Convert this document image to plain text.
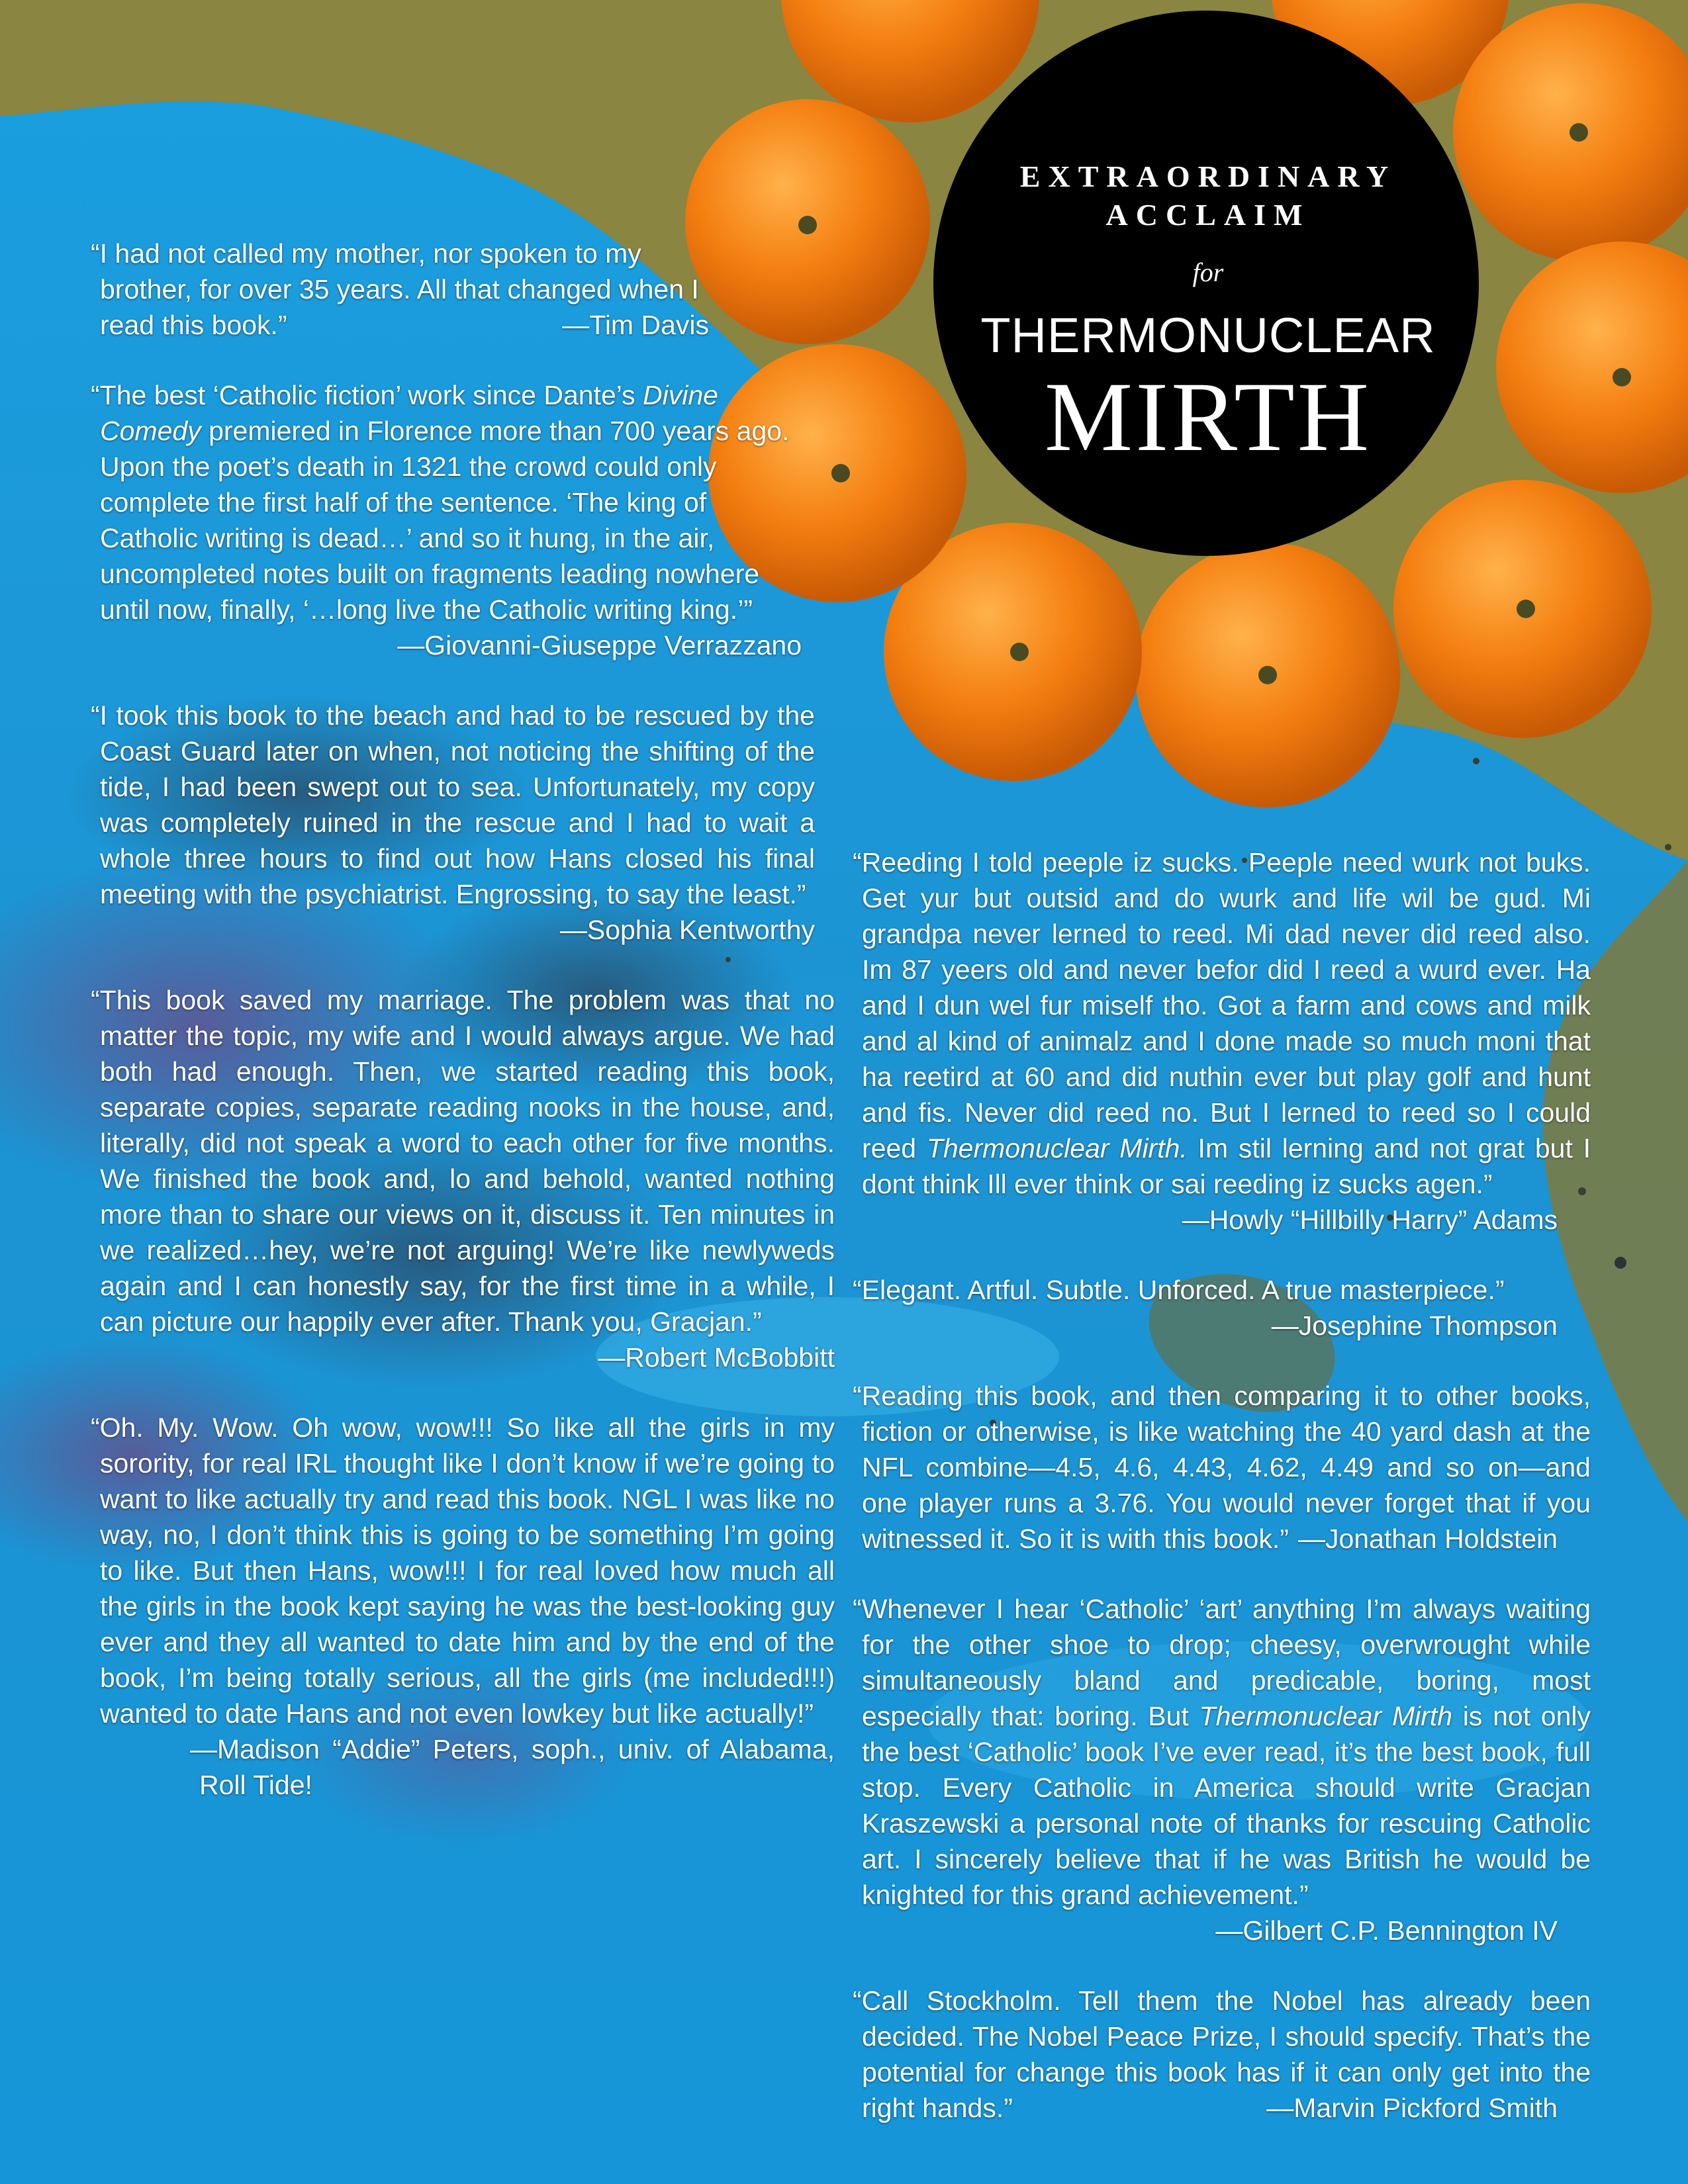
EXTRAORDINARY
ACCLAIM
for
THERMONUCLEAR
MIRTH
“I had not called my mother, nor spoken to my brother, for over 35 years. All that changed when I read this book.”	—Tim Davis
“The best ‘Catholic fiction’ work since Dante’s Divine Comedy premiered in Florence more than 700 years ago. Upon the poet’s death in 1321 the crowd could only complete the first half of the sentence. ‘The king of Catholic writing is dead…’ and so it hung, in the air, uncompleted notes built on fragments leading nowhere until now, finally, ‘…long live the Catholic writing king.’”
—Giovanni-Giuseppe Verrazzano
“I took this book to the beach and had to be rescued by the Coast Guard later on when, not noticing the shifting of the tide, I had been swept out to sea. Unfortunately, my copy was completely ruined in the rescue and I had to wait a whole three hours to find out how Hans closed his final meeting with the psychiatrist. Engrossing, to say the least.”
—Sophia Kentworthy
“This book saved my marriage. The problem was that no matter the topic, my wife and I would always argue. We had both had enough. Then, we started reading this book, separate copies, separate reading nooks in the house, and, literally, did not speak a word to each other for five months. We finished the book and, lo and behold, wanted nothing more than to share our views on it, discuss it. Ten minutes in we realized…hey, we’re not arguing! We’re like newlyweds again and I can honestly say, for the first time in a while, I can picture our happily ever after. Thank you, Gracjan.”
—Robert McBobbitt
“Oh. My. Wow. Oh wow, wow!!! So like all the girls in my sorority, for real IRL thought like I don’t know if we’re going to want to like actually try and read this book. NGL I was like no way, no, I don’t think this is going to be something I’m going to like. But then Hans, wow!!! I for real loved how much all the girls in the book kept saying he was the best-looking guy ever and they all wanted to date him and by the end of the book, I’m being totally serious, all the girls (me included!!!) wanted to date Hans and not even lowkey but like actually!”
—Madison “Addie” Peters, soph., univ. of Alabama, Roll Tide!
“Reeding I told peeple iz sucks. Peeple need wurk not buks. Get yur but outsid and do wurk and life wil be gud. Mi grandpa never lerned to reed. Mi dad never did reed also. Im 87 yeers old and never befor did I reed a wurd ever. Ha and I dun wel fur miself tho. Got a farm and cows and milk and al kind of animalz and I done made so much moni that ha reetird at 60 and did nuthin ever but play golf and hunt and fis. Never did reed no. But I lerned to reed so I could reed Thermonuclear Mirth. Im stil lerning and not grat but I dont think Ill ever think or sai reeding iz sucks agen.”
—Howly “Hillbilly Harry” Adams
“Elegant. Artful. Subtle. Unforced. A true masterpiece.”
—Josephine Thompson
“Reading this book, and then comparing it to other books, fiction or otherwise, is like watching the 40 yard dash at the NFL combine—4.5, 4.6, 4.43, 4.62, 4.49 and so on—and one player runs a 3.76. You would never forget that if you witnessed it. So it is with this book.” —Jonathan Holdstein
“Whenever I hear ‘Catholic’ ‘art’ anything I’m always waiting for the other shoe to drop; cheesy, overwrought while simultaneously bland and predicable, boring, most especially that: boring. But Thermonuclear Mirth is not only the best ‘Catholic’ book I’ve ever read, it’s the best book, full stop. Every Catholic in America should write Gracjan Kraszewski a personal note of thanks for rescuing Catholic art. I sincerely believe that if he was British he would be knighted for this grand achievement.”
—Gilbert C.P. Bennington IV
“Call Stockholm. Tell them the Nobel has already been decided. The Nobel Peace Prize, I should specify. That’s the potential for change this book has if it can only get into the right hands.”	—Marvin Pickford Smith
